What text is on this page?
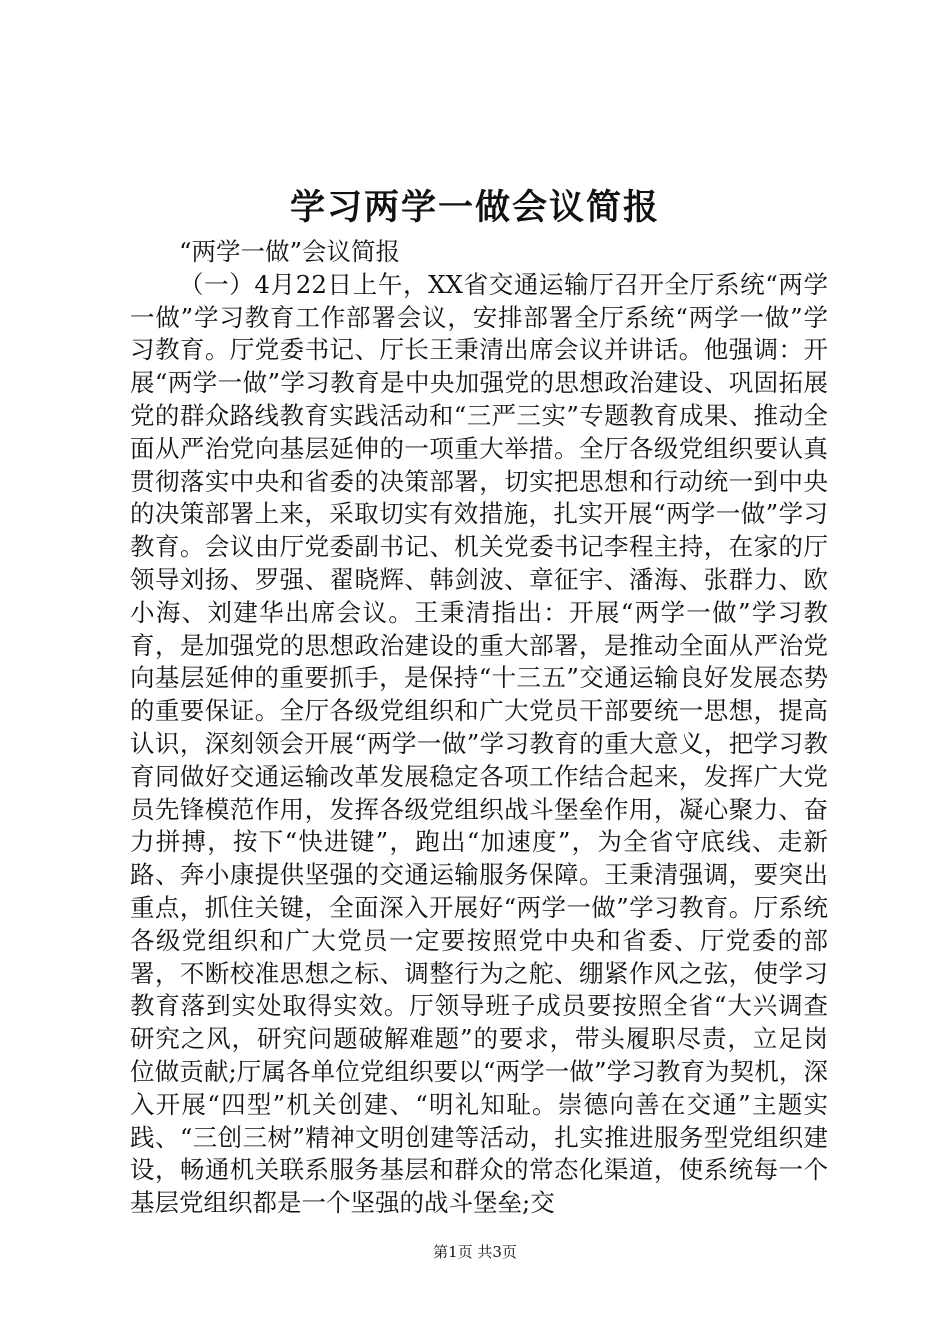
学习两学一做会议简报

“两学一做”会议简报

（一）4月22日上午，XX省交通运输厅召开全厅系统“两学一做”学习教育工作部署会议，安排部署全厅系统“两学一做”学习教育。厅党委书记、厅长王秉清出席会议并讲话。他强调：开展“两学一做”学习教育是中央加强党的思想政治建设、巩固拓展党的群众路线教育实践活动和“三严三实”专题教育成果、推动全面从严治党向基层延伸的一项重大举措。全厅各级党组织要认真贯彻落实中央和省委的决策部署，切实把思想和行动统一到中央的决策部署上来，采取切实有效措施，扎实开展“两学一做”学习教育。会议由厅党委副书记、机关党委书记李程主持，在家的厅领导刘扬、罗强、翟晓辉、韩剑波、章征宇、潘海、张群力、欧小海、刘建华出席会议。王秉清指出：开展“两学一做”学习教育，是加强党的思想政治建设的重大部署，是推动全面从严治党向基层延伸的重要抓手，是保持“十三五”交通运输良好发展态势的重要保证。全厅各级党组织和广大党员干部要统一思想，提高认识，深刻领会开展“两学一做”学习教育的重大意义，把学习教育同做好交通运输改革发展稳定各项工作结合起来，发挥广大党员先锋模范作用，发挥各级党组织战斗堡垒作用，凝心聚力、奋力拼搏，按下“快进键”，跑出“加速度”，为全省守底线、走新路、奔小康提供坚强的交通运输服务保障。王秉清强调，要突出重点，抓住关键，全面深入开展好“两学一做”学习教育。厅系统各级党组织和广大党员一定要按照党中央和省委、厅党委的部署，不断校准思想之标、调整行为之舵、绷紧作风之弦，使学习教育落到实处取得实效。厅领导班子成员要按照全省“大兴调查研究之风，研究问题破解难题”的要求，带头履职尽责，立足岗位做贡献;厅属各单位党组织要以“两学一做”学习教育为契机，深入开展“四型”机关创建、“明礼知耻。崇德向善在交通”主题实践、“三创三树”精神文明创建等活动，扎实推进服务型党组织建设，畅通机关联系服务基层和群众的常态化渠道，使系统每一个基层党组织都是一个坚强的战斗堡垒;交

第1页 共3页
